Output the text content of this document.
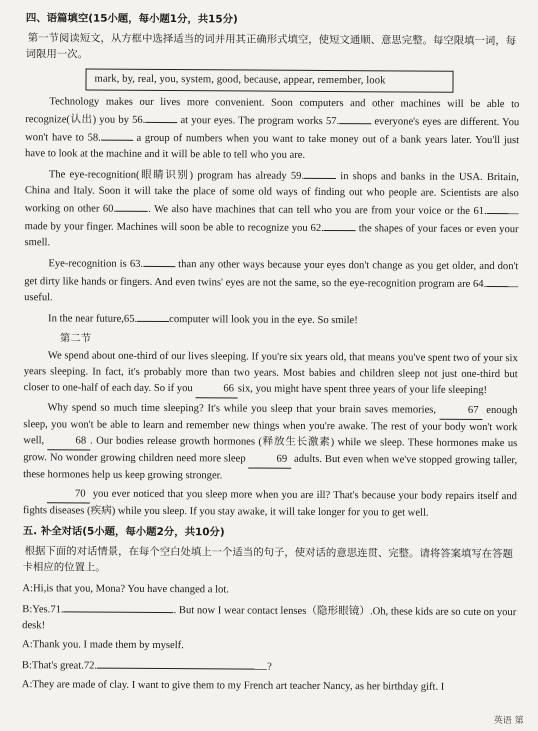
四、语篇填空(15小题，每小题1分，共15分)
第一节阅读短文，从方框中选择适当的词并用其正确形式填空，使短文通顺、意思完整。每空限填一词，每词限用一次。
mark, by, real, you, system, good, because, appear, remember, look

Technology makes our lives more convenient. Soon computers and other machines will be able to recognize(认出) you by 56.	at your eyes. The program works 57.	everyone's eyes are different. You won't have to 58.	a group of numbers when you want to take money out of a bank years later. You'll just have to look at the machine and it will be able to tell who you are.

The eye-recognition(眼睛识别) program has already 59.	in shops and banks in the USA. Britain, China and Italy. Soon it will take the place of some old ways of finding out who people are. Scientists are also working on other 60.	. We also have machines that can tell who you are from your voice or the 61. made by your finger. Machines will soon be able to recognize you 62.	the shapes of your faces or even your smell.

Eye-recognition is 63.	than any other ways because your eyes don't change as you get older, and don't get dirty like hands or fingers. And even twins' eyes are not the same, so the eye-recognition program are 64. useful.

In the near future,65.	computer will look you in the eye. So smile!

第二节

We spend about one-third of our lives sleeping. If you're six years old, that means you've spent two of your six years sleeping. In fact, it's probably more than two years. Most babies and children sleep not just one-third but closer to one-half of each day. So if you	66 six, you might have spent three years of your life sleeping!

Why spend so much time sleeping? It's while you sleep that your brain saves memories,	67 enough sleep, you won't be able to learn and remember new things when you're awake. The rest of your body won't work well,	68 . Our bodies release growth hormones (释放生长激素) while we sleep. These hormones make us grow. No wonder growing children need more sleep	69 adults. But even when we've stopped growing taller, these hormones help us keep growing stronger.

70 you ever noticed that you sleep more when you are ill? That's because your body repairs itself and fights diseases (疾病) while you sleep. If you stay awake, it will take longer for you to get well.

五. 补全对话(5小题，每小题2分，共10分)
根据下面的对话情景，在每个空白处填上一个适当的句子，使对话的意思连贯、完整。请将答案填写在答题卡相应的位置上。

A:Hi,is that you, Mona? You have changed a lot.

B:Yes.71.	. But now I wear contact lenses（隐形眼镜）.Oh, these kids are so cute on your desk!

A:Thank you. I made them by myself.

B:That's great.72.	?

A:They are made of clay. I want to give them to my French art teacher Nancy, as her birthday gift. I

英语 第
